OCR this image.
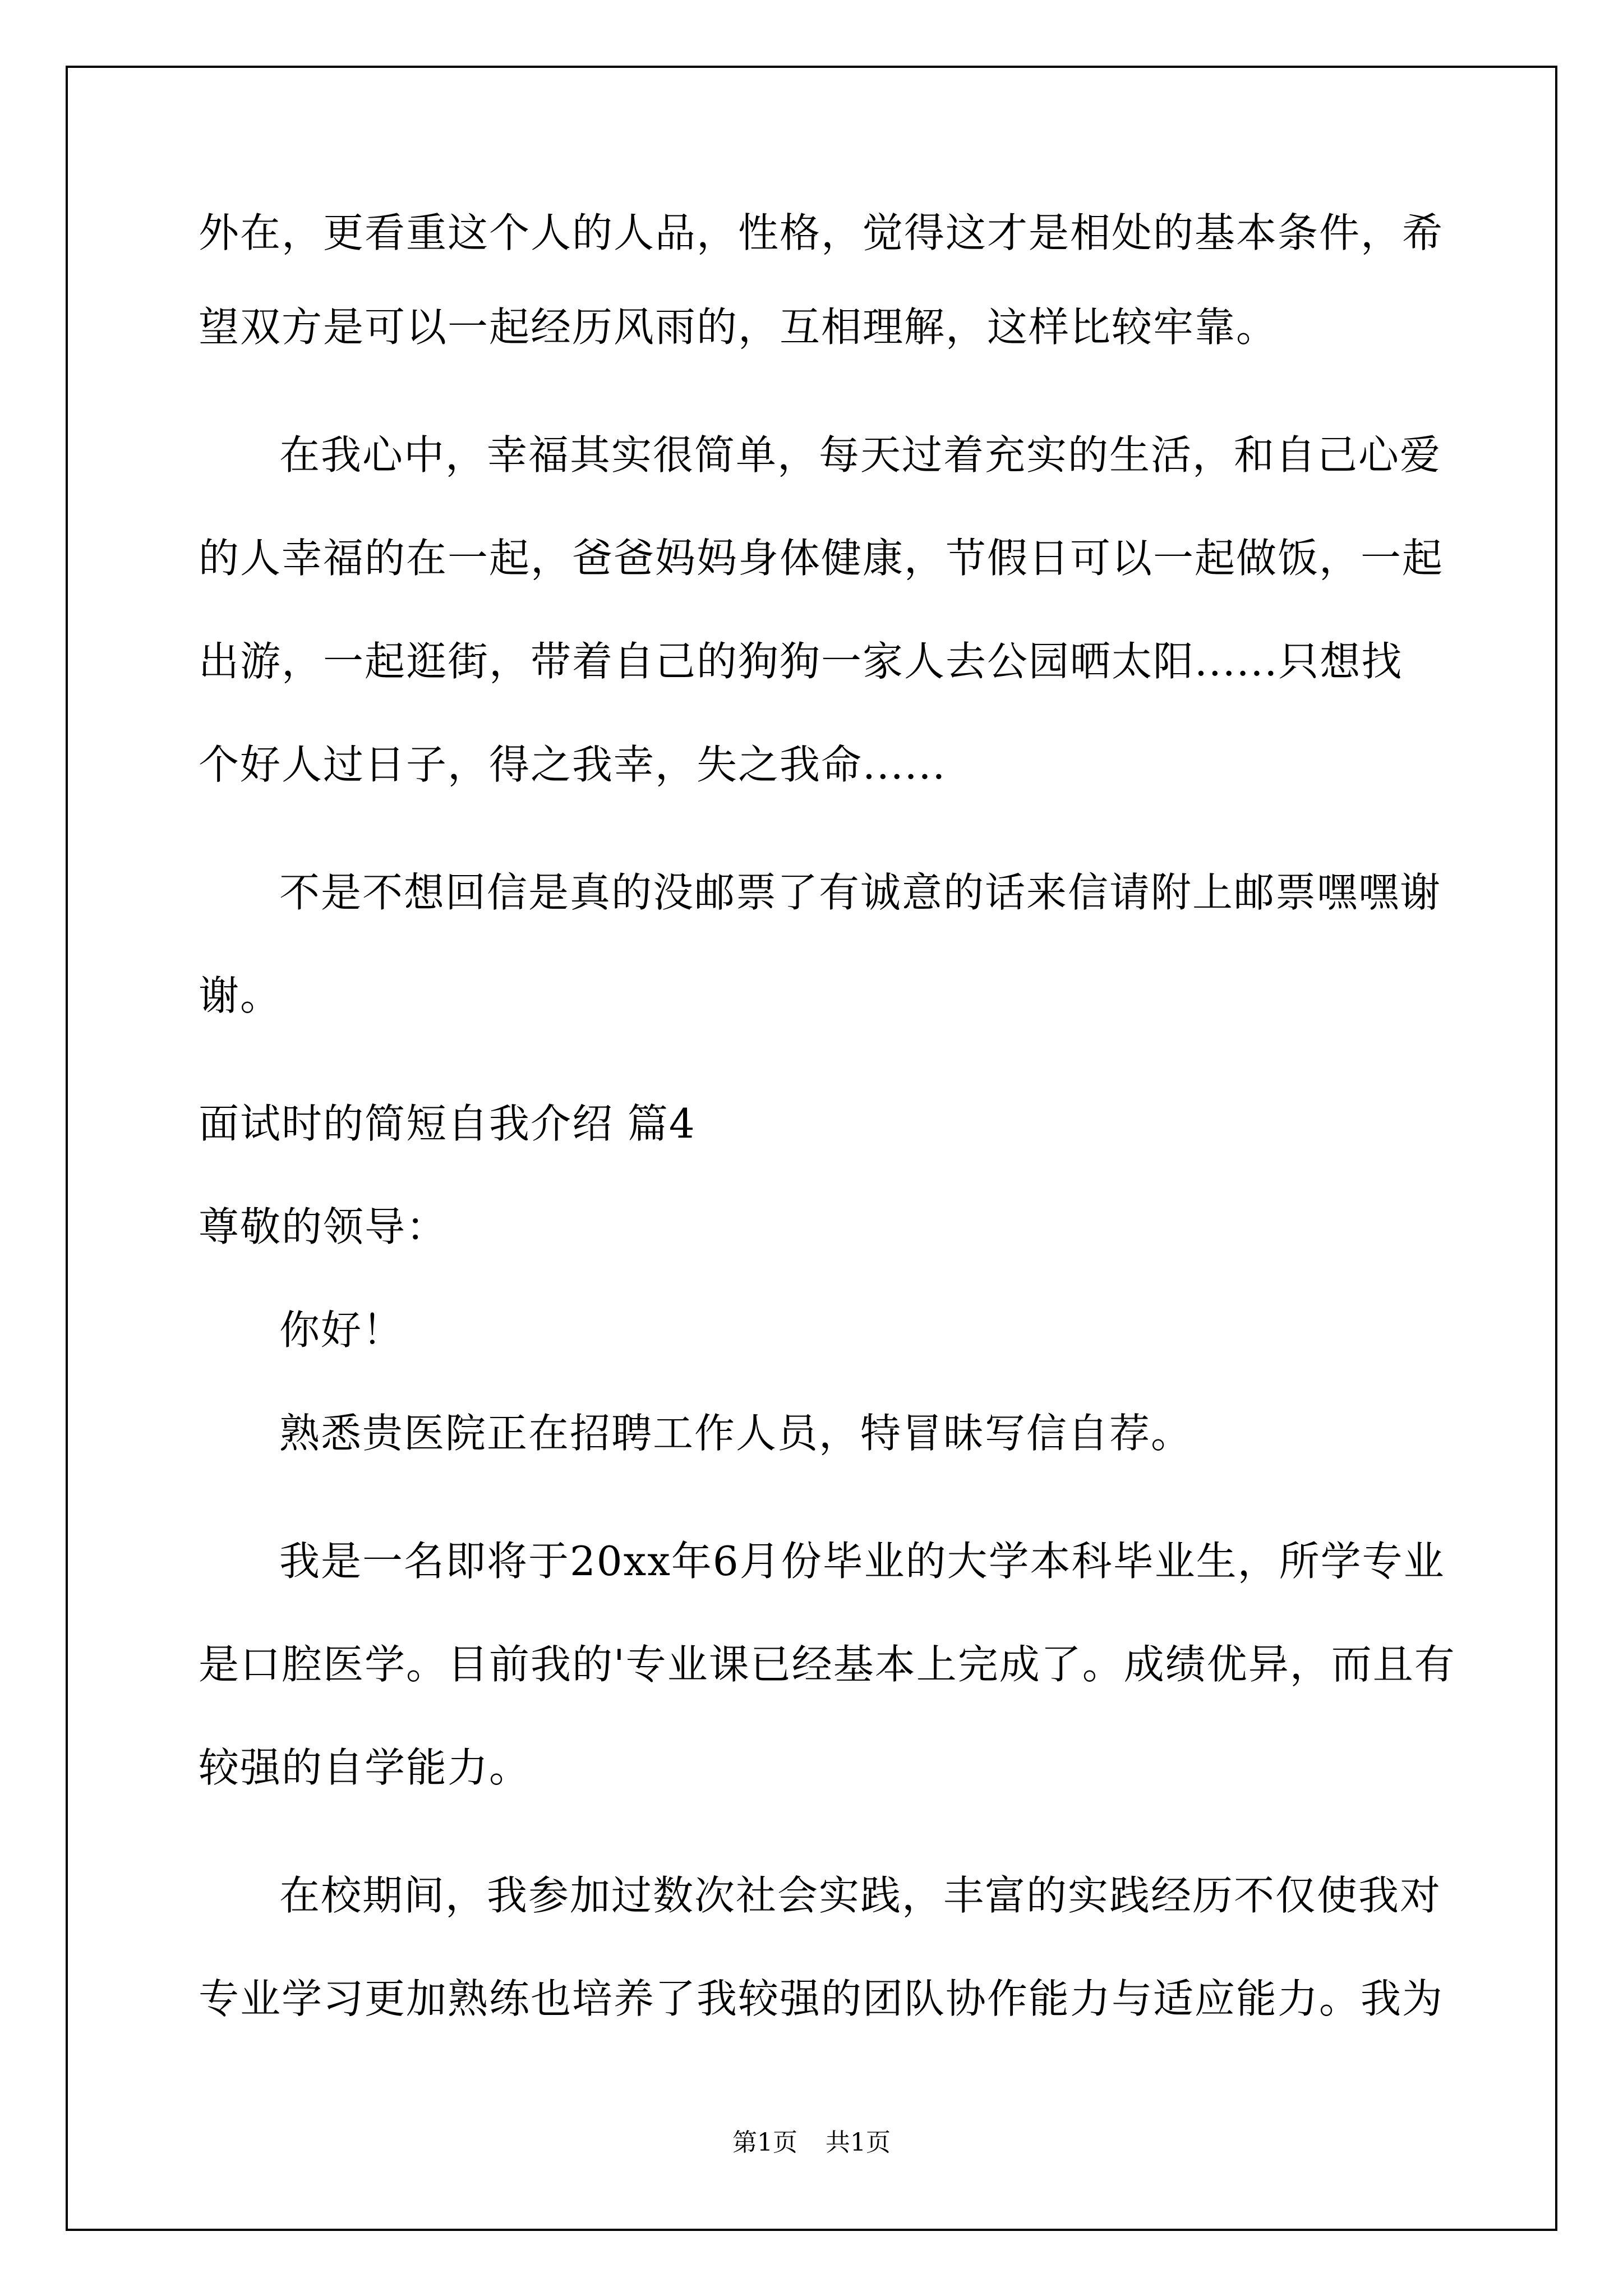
外在，更看重这个人的人品，性格，觉得这才是相处的基本条件，希
望双方是可以一起经历风雨的，互相理解，这样比较牢靠。
在我心中，幸福其实很简单，每天过着充实的生活，和自己心爱
的人幸福的在一起，爸爸妈妈身体健康，节假日可以一起做饭，一起
出游，一起逛街，带着自己的狗狗一家人去公园晒太阳......只想找
个好人过日子，得之我幸，失之我命......
不是不想回信是真的没邮票了有诚意的话来信请附上邮票嘿嘿谢
谢。
面试时的简短自我介绍 篇4
尊敬的领导：
你好！
熟悉贵医院正在招聘工作人员，特冒昧写信自荐。
我是一名即将于20xx年6月份毕业的大学本科毕业生，所学专业
是口腔医学。目前我的'专业课已经基本上完成了。成绩优异，而且有
较强的自学能力。
在校期间，我参加过数次社会实践，丰富的实践经历不仅使我对
专业学习更加熟练也培养了我较强的团队协作能力与适应能力。我为
第1页 共1页
